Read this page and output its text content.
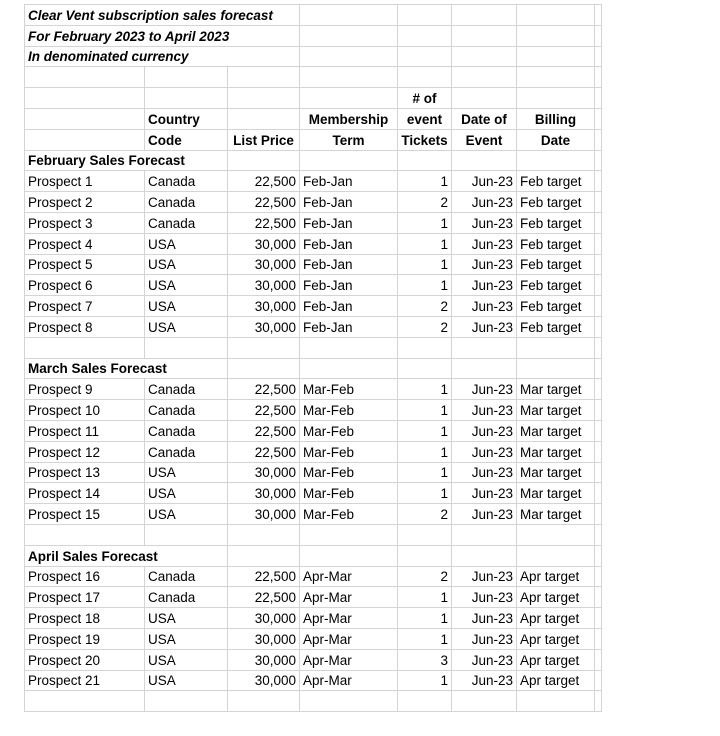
Clear Vent subscription sales forecast							
For February 2023 to April 2023							
In denominated currency							

				# of			
	Country		Membership	event	Date of	Billing	
	Code	List Price	Term	Tickets	Event	Date	
February Sales Forecast							
Prospect 1	Canada	22,500	Feb-Jan	1	Jun-23	Feb target	
Prospect 2	Canada	22,500	Feb-Jan	2	Jun-23	Feb target	
Prospect 3	Canada	22,500	Feb-Jan	1	Jun-23	Feb target	
Prospect 4	USA	30,000	Feb-Jan	1	Jun-23	Feb target	
Prospect 5	USA	30,000	Feb-Jan	1	Jun-23	Feb target	
Prospect 6	USA	30,000	Feb-Jan	1	Jun-23	Feb target	
Prospect 7	USA	30,000	Feb-Jan	2	Jun-23	Feb target	
Prospect 8	USA	30,000	Feb-Jan	2	Jun-23	Feb target	

March Sales Forecast							
Prospect 9	Canada	22,500	Mar-Feb	1	Jun-23	Mar target	
Prospect 10	Canada	22,500	Mar-Feb	1	Jun-23	Mar target	
Prospect 11	Canada	22,500	Mar-Feb	1	Jun-23	Mar target	
Prospect 12	Canada	22,500	Mar-Feb	1	Jun-23	Mar target	
Prospect 13	USA	30,000	Mar-Feb	1	Jun-23	Mar target	
Prospect 14	USA	30,000	Mar-Feb	1	Jun-23	Mar target	
Prospect 15	USA	30,000	Mar-Feb	2	Jun-23	Mar target	

April Sales Forecast							
Prospect 16	Canada	22,500	Apr-Mar	2	Jun-23	Apr target	
Prospect 17	Canada	22,500	Apr-Mar	1	Jun-23	Apr target	
Prospect 18	USA	30,000	Apr-Mar	1	Jun-23	Apr target	
Prospect 19	USA	30,000	Apr-Mar	1	Jun-23	Apr target	
Prospect 20	USA	30,000	Apr-Mar	3	Jun-23	Apr target	
Prospect 21	USA	30,000	Apr-Mar	1	Jun-23	Apr target	
